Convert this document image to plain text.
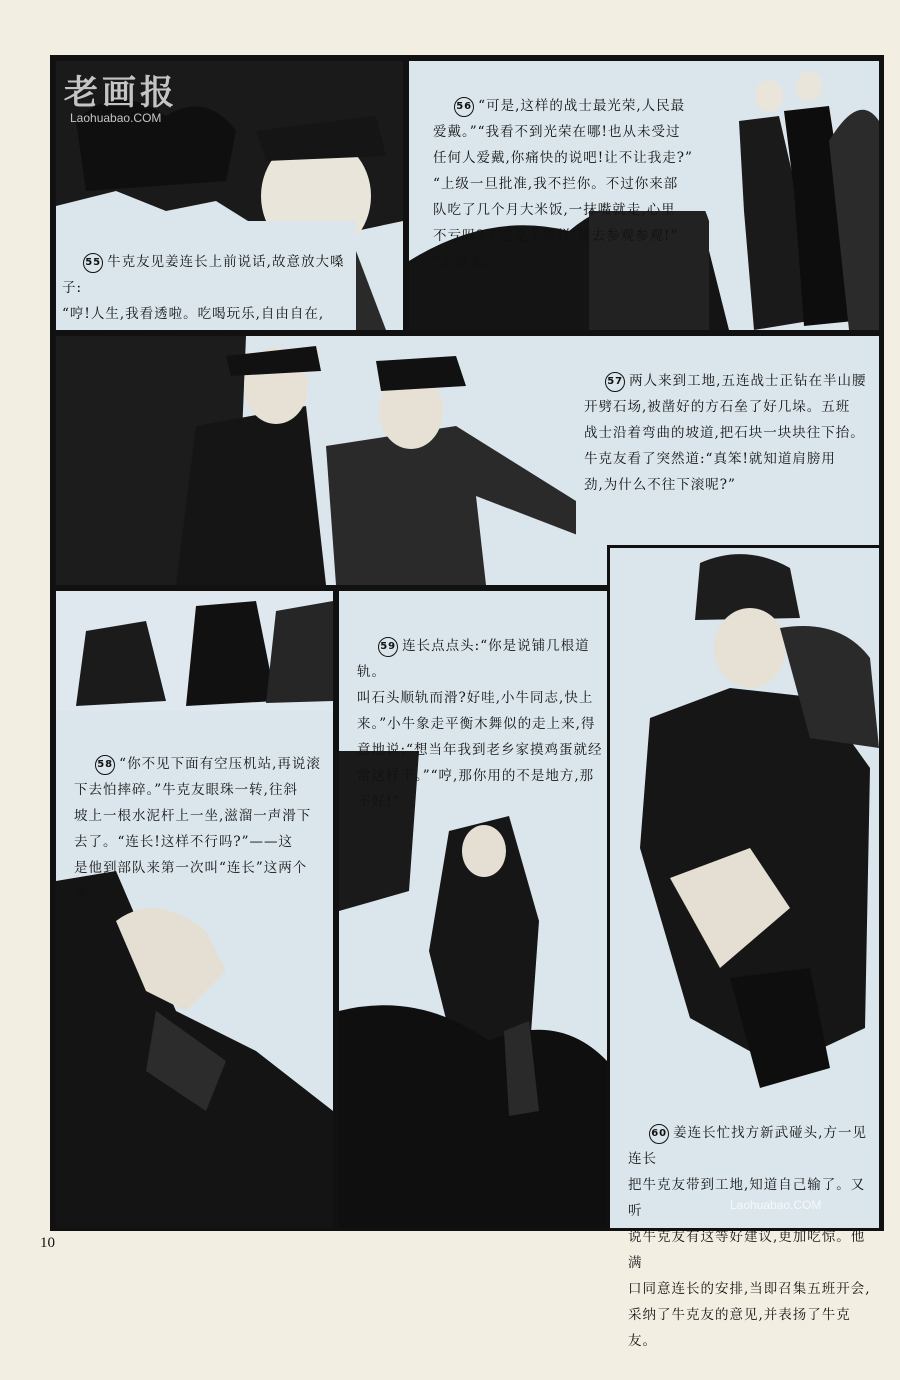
老画报
Laohuabao.COM

55 牛克友见姜连长上前说话,故意放大嗓子:
“哼!人生,我看透啦。吃喝玩乐,自由自在,

56 “可是,这样的战士最光荣,人民最
爱戴。”“我看不到光荣在哪!也从未受过
任何人爱戴,你痛快的说吧!让不让我走?”
“上级一旦批准,我不拦你。不过你来部
队吃了几个月大米饭,一抹嘴就走,心里
不亏吗?工地是个啥样,该去参观参观!”
“去就去。”

57 两人来到工地,五连战士正钻在半山腰
开劈石场,被凿好的方石垒了好几垛。五班
战士沿着弯曲的坡道,把石块一块块往下抬。
牛克友看了突然道:“真笨!就知道肩膀用
劲,为什么不往下滚呢?”

58 “你不见下面有空压机站,再说滚
下去怕摔碎。”牛克友眼珠一转,往斜
坡上一根水泥杆上一坐,滋溜一声滑下
去了。“连长!这样不行吗?”——这
是他到部队来第一次叫“连长”这两个
字。

59 连长点点头:“你是说铺几根道轨。
叫石头顺轨而滑?好哇,小牛同志,快上
来。”小牛象走平衡木舞似的走上来,得
意地说:“想当年我到老乡家摸鸡蛋就经
常这样干。”“哼,那你用的不是地方,那
不好!”

60 姜连长忙找方新武碰头,方一见连长
把牛克友带到工地,知道自己输了。又听
说牛克友有这等好建议,更加吃惊。他满
口同意连长的安排,当即召集五班开会,
采纳了牛克友的意见,并表扬了牛克友。

Laohuabao.COM
10
